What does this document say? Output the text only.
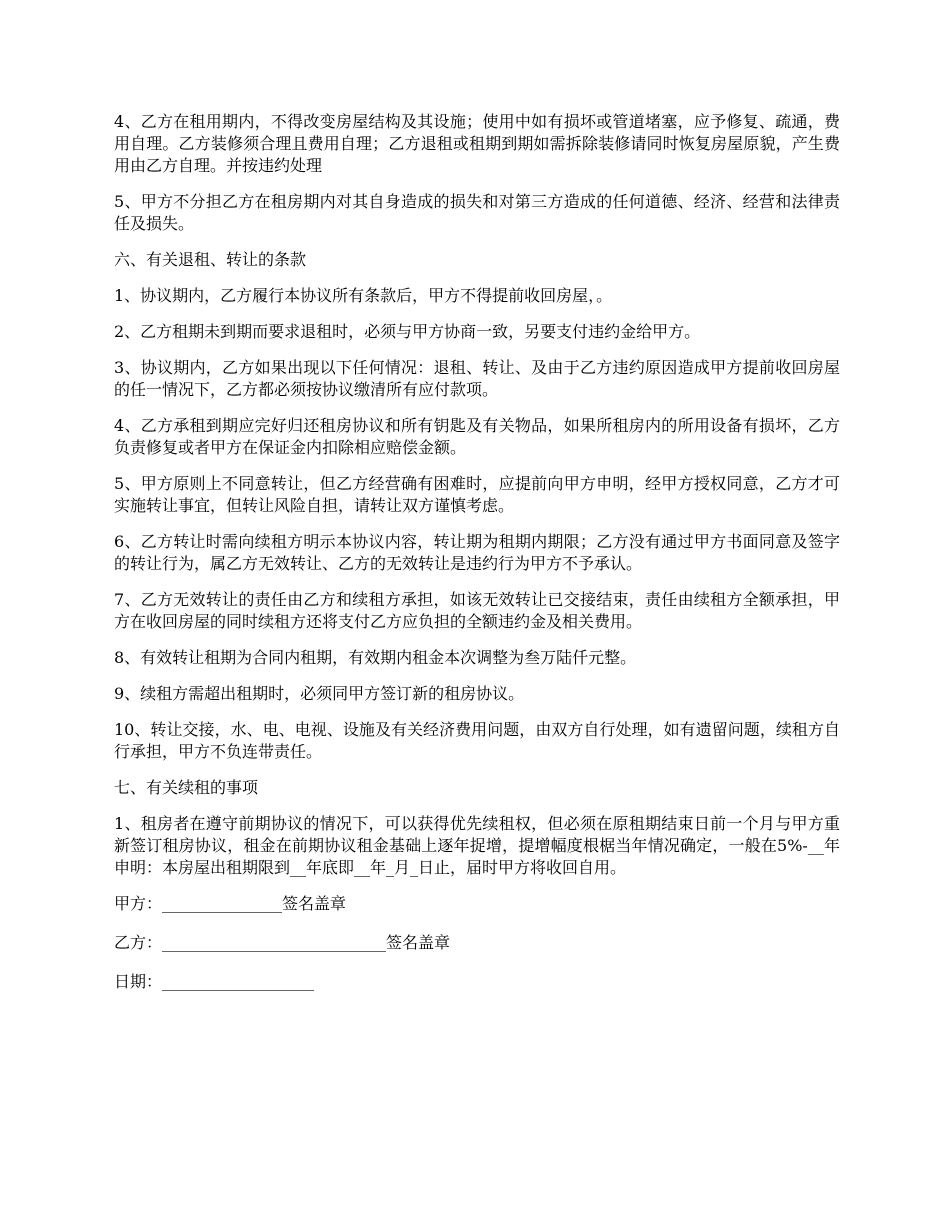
4、乙方在租用期内，不得改变房屋结构及其设施；使用中如有损坏或管道堵塞，应予修复、疏通，费用自理。乙方装修须合理且费用自理；乙方退租或租期到期如需拆除装修请同时恢复房屋原貌，产生费用由乙方自理。并按违约处理

5、甲方不分担乙方在租房期内对其自身造成的损失和对第三方造成的任何道德、经济、经营和法律责任及损失。

六、有关退租、转让的条款

1、协议期内，乙方履行本协议所有条款后，甲方不得提前收回房屋，。

2、乙方租期未到期而要求退租时，必须与甲方协商一致，另要支付违约金给甲方。

3、协议期内，乙方如果出现以下任何情况：退租、转让、及由于乙方违约原因造成甲方提前收回房屋的任一情况下，乙方都必须按协议缴清所有应付款项。

4、乙方承租到期应完好归还租房协议和所有钥匙及有关物品，如果所租房内的所用设备有损坏，乙方负责修复或者甲方在保证金内扣除相应赔偿金额。

5、甲方原则上不同意转让，但乙方经营确有困难时，应提前向甲方申明，经甲方授权同意，乙方才可实施转让事宜，但转让风险自担，请转让双方谨慎考虑。

6、乙方转让时需向续租方明示本协议内容，转让期为租期内期限；乙方没有通过甲方书面同意及签字的转让行为，属乙方无效转让、乙方的无效转让是违约行为甲方不予承认。

7、乙方无效转让的责任由乙方和续租方承担，如该无效转让已交接结束，责任由续租方全额承担，甲方在收回房屋的同时续租方还将支付乙方应负担的全额违约金及相关费用。

8、有效转让租期为合同内租期，有效期内租金本次调整为叁万陆仟元整。

9、续租方需超出租期时，必须同甲方签订新的租房协议。

10、转让交接，水、电、电视、设施及有关经济费用问题，由双方自行处理，如有遗留问题，续租方自行承担，甲方不负连带责任。

七、有关续租的事项

1、租房者在遵守前期协议的情况下，可以获得优先续租权，但必须在原租期结束日前一个月与甲方重新签订租房协议，租金在前期协议租金基础上逐年捉增，提增幅度根椐当年情况确定，一般在5%-__年申明：本房屋出租期限到__年底即__年_月_日止，届时甲方将收回自用。

甲方：_______________签名盖章

乙方：____________________________签名盖章

日期：___________________
